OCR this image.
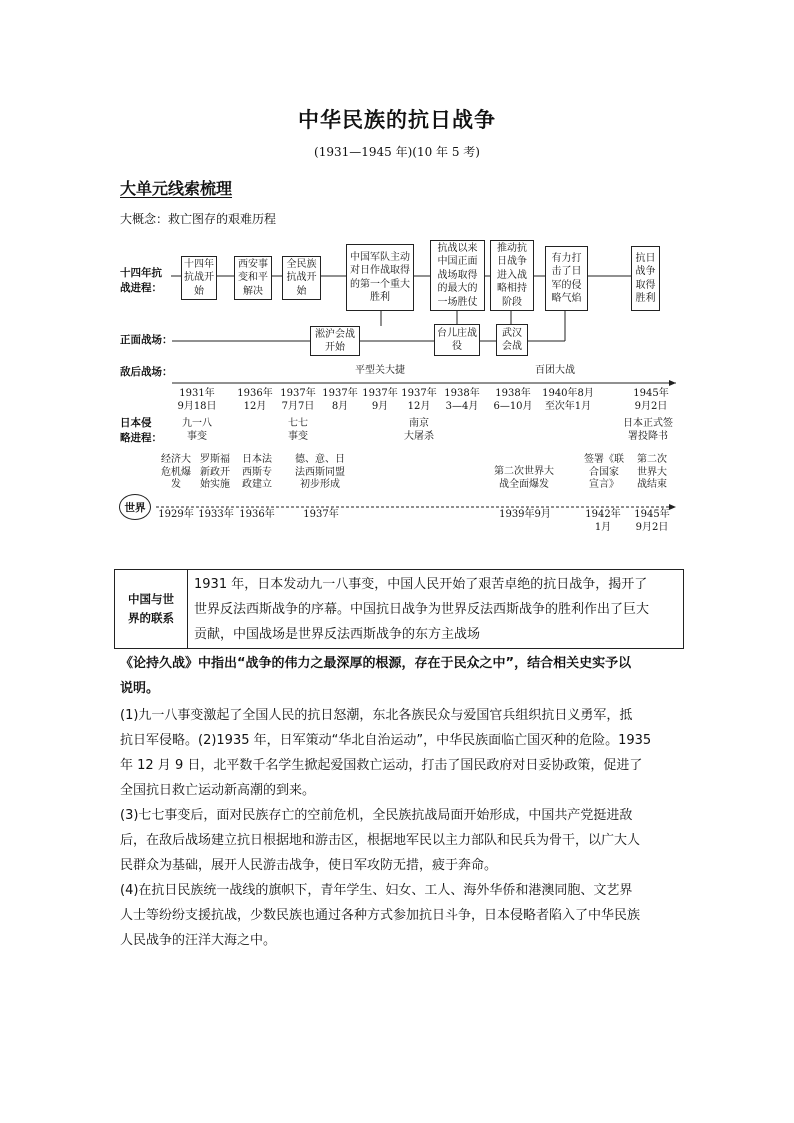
中华民族的抗日战争
(1931—1945 年)(10 年 5 考)
大单元线索梳理
大概念：救亡图存的艰难历程
十四年抗
战进程：
正面战场：
敌后战场：
日本侵
略进程：
世界
十四年抗战开始
西安事变和平解决
全民族抗战开始
中国军队主动对日作战取得的第一个重大胜利
抗战以来中国正面战场取得的最大的一场胜仗
推动抗日战争进入战略相持阶段
有力打击了日军的侵略气焰
抗日战争取得胜利
淞沪会战开始
台儿庄战役
武汉会战
平型关大捷	百团大战
1931年
9月18日
1936年
12月
1937年
7月7日
1937年
8月
1937年
9月
1937年
12月
1938年
3—4月
1938年
6—10月
1940年8月
至次年1月
1945年
9月2日
九一八
事变
七七
事变
南京
大屠杀
日本正式签
署投降书
经济大
危机爆
发
罗斯福
新政开
始实施
日本法
西斯专
政建立
德、意、日
法西斯同盟
初步形成
第二次世界大
战全面爆发
签署《联
合国家
宣言》
第二次
世界大
战结束
1929年 1933年 1936年	1937年	1939年9月	1942年
1月
1945年
9月2日
中国与世
界的联系
1931 年，日本发动九一八事变，中国人民开始了艰苦卓绝的抗日战争，揭开了
世界反法西斯战争的序幕。中国抗日战争为世界反法西斯战争的胜利作出了巨大
贡献，中国战场是世界反法西斯战争的东方主战场
《论持久战》中指出“战争的伟力之最深厚的根源，存在于民众之中”，结合相关史实予以
说明。
(1)九一八事变激起了全国人民的抗日怒潮，东北各族民众与爱国官兵组织抗日义勇军，抵
抗日军侵略。(2)1935 年，日军策动“华北自治运动”，中华民族面临亡国灭种的危险。1935
年 12 月 9 日，北平数千名学生掀起爱国救亡运动，打击了国民政府对日妥协政策，促进了
全国抗日救亡运动新高潮的到来。
(3)七七事变后，面对民族存亡的空前危机，全民族抗战局面开始形成，中国共产党挺进敌
后，在敌后战场建立抗日根据地和游击区，根据地军民以主力部队和民兵为骨干，以广大人
民群众为基础，展开人民游击战争，使日军攻防无措，疲于奔命。
(4)在抗日民族统一战线的旗帜下，青年学生、妇女、工人、海外华侨和港澳同胞、文艺界
人士等纷纷支援抗战，少数民族也通过各种方式参加抗日斗争，日本侵略者陷入了中华民族
人民战争的汪洋大海之中。
